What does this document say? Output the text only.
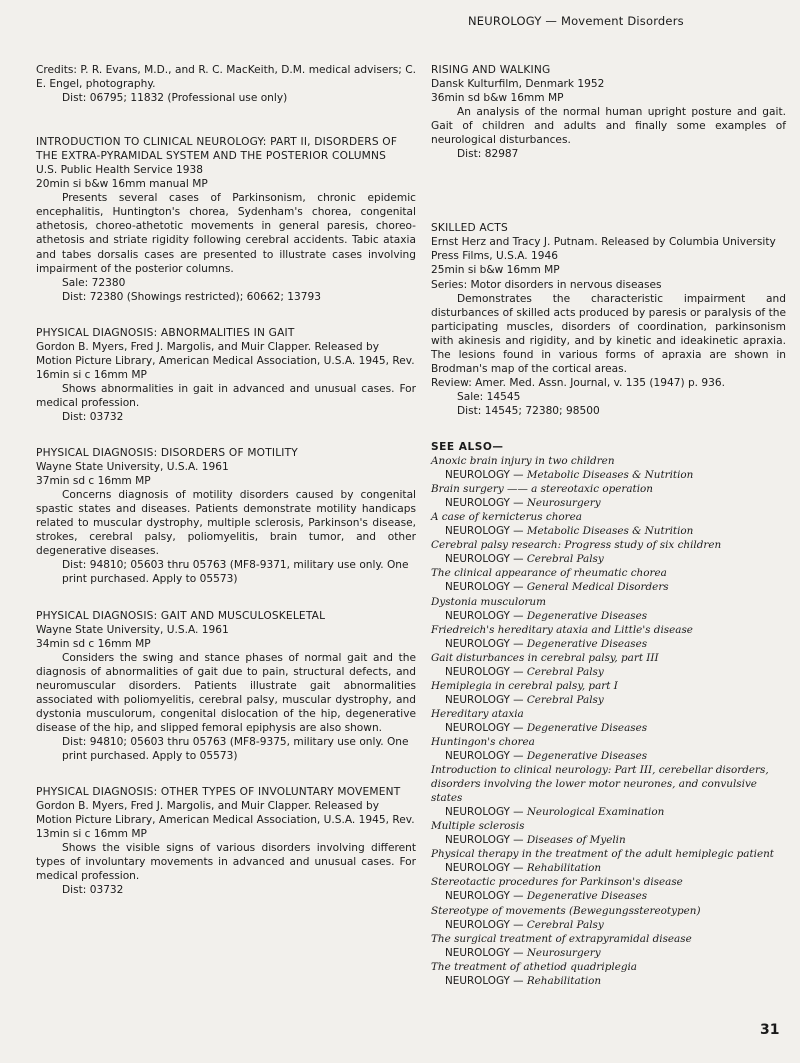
NEUROLOGY — Movement Disorders

Credits: P. R. Evans, M.D., and R. C. MacKeith, D.M. medical advisers; C. E. Engel, photography.

Dist: 06795; 11832 (Professional use only)

INTRODUCTION TO CLINICAL NEUROLOGY: PART II, DISORDERS OF THE EXTRA-PYRAMIDAL SYSTEM AND THE POSTERIOR COLUMNS

U.S. Public Health Service 1938

20min si b&w 16mm manual MP

Presents several cases of Parkinsonism, chronic epidemic encephalitis, Huntington's chorea, Sydenham's chorea, congenital athetosis, choreo-athetotic movements in general paresis, choreo-athetosis and striate rigidity following cerebral accidents. Tabic ataxia and tabes dorsalis cases are presented to illustrate cases involving impairment of the posterior columns.

Sale: 72380

Dist: 72380 (Showings restricted); 60662; 13793

PHYSICAL DIAGNOSIS: ABNORMALITIES IN GAIT

Gordon B. Myers, Fred J. Margolis, and Muir Clapper. Released by Motion Picture Library, American Medical Association, U.S.A. 1945, Rev.

16min si c 16mm MP

Shows abnormalities in gait in advanced and unusual cases. For medical profession.

Dist: 03732

PHYSICAL DIAGNOSIS: DISORDERS OF MOTILITY

Wayne State University, U.S.A. 1961

37min sd c 16mm MP

Concerns diagnosis of motility disorders caused by congenital spastic states and diseases. Patients demonstrate motility handicaps related to muscular dystrophy, multiple sclerosis, Parkinson's disease, strokes, cerebral palsy, poliomyelitis, brain tumor, and other degenerative diseases.

Dist: 94810; 05603 thru 05763 (MF8-9371, military use only. One print purchased. Apply to 05573)

PHYSICAL DIAGNOSIS: GAIT AND MUSCULOSKELETAL

Wayne State University, U.S.A. 1961

34min sd c 16mm MP

Considers the swing and stance phases of normal gait and the diagnosis of abnormalities of gait due to pain, structural defects, and neuromuscular disorders. Patients illustrate gait abnormalities associated with poliomyelitis, cerebral palsy, muscular dystrophy, and dystonia musculorum, congenital dislocation of the hip, degenerative disease of the hip, and slipped femoral epiphysis are also shown.

Dist: 94810; 05603 thru 05763 (MF8-9375, military use only. One print purchased. Apply to 05573)

PHYSICAL DIAGNOSIS: OTHER TYPES OF INVOLUNTARY MOVEMENT

Gordon B. Myers, Fred J. Margolis, and Muir Clapper. Released by Motion Picture Library, American Medical Association, U.S.A. 1945, Rev.

13min si c 16mm MP

Shows the visible signs of various disorders involving different types of involuntary movements in advanced and unusual cases. For medical profession.

Dist: 03732

RISING AND WALKING

Dansk Kulturfilm, Denmark 1952

36min sd b&w 16mm MP

An analysis of the normal human upright posture and gait. Gait of children and adults and finally some examples of neurological disturbances.

Dist: 82987

SKILLED ACTS

Ernst Herz and Tracy J. Putnam. Released by Columbia University Press Films, U.S.A. 1946

25min si b&w 16mm MP

Series: Motor disorders in nervous diseases

Demonstrates the characteristic impairment and disturbances of skilled acts produced by paresis or paralysis of the participating muscles, disorders of coordination, parkinsonism with akinesis and rigidity, and by kinetic and ideakinetic apraxia. The lesions found in various forms of apraxia are shown in Brodman's map of the cortical areas.

Review: Amer. Med. Assn. Journal, v. 135 (1947) p. 936.

Sale: 14545

Dist: 14545; 72380; 98500

SEE ALSO—

Anoxic brain injury in two children

NEUROLOGY — Metabolic Diseases & Nutrition

Brain surgery —— a stereotaxic operation

NEUROLOGY — Neurosurgery

A case of kernicterus chorea

NEUROLOGY — Metabolic Diseases & Nutrition

Cerebral palsy research: Progress study of six children

NEUROLOGY — Cerebral Palsy

The clinical appearance of rheumatic chorea

NEUROLOGY — General Medical Disorders

Dystonia musculorum

NEUROLOGY — Degenerative Diseases

Friedreich's hereditary ataxia and Little's disease

NEUROLOGY — Degenerative Diseases

Gait disturbances in cerebral palsy, part III

NEUROLOGY — Cerebral Palsy

Hemiplegia in cerebral palsy, part I

NEUROLOGY — Cerebral Palsy

Hereditary ataxia

NEUROLOGY — Degenerative Diseases

Huntingon's chorea

NEUROLOGY — Degenerative Diseases

Introduction to clinical neurology: Part III, cerebellar disorders, disorders involving the lower motor neurones, and convulsive states

NEUROLOGY — Neurological Examination

Multiple sclerosis

NEUROLOGY — Diseases of Myelin

Physical therapy in the treatment of the adult hemiplegic patient

NEUROLOGY — Rehabilitation

Stereotactic procedures for Parkinson's disease

NEUROLOGY — Degenerative Diseases

Stereotype of movements (Bewegungsstereotypen)

NEUROLOGY — Cerebral Palsy

The surgical treatment of extrapyramidal disease

NEUROLOGY — Neurosurgery

The treatment of athetiod quadriplegia

NEUROLOGY — Rehabilitation

31
